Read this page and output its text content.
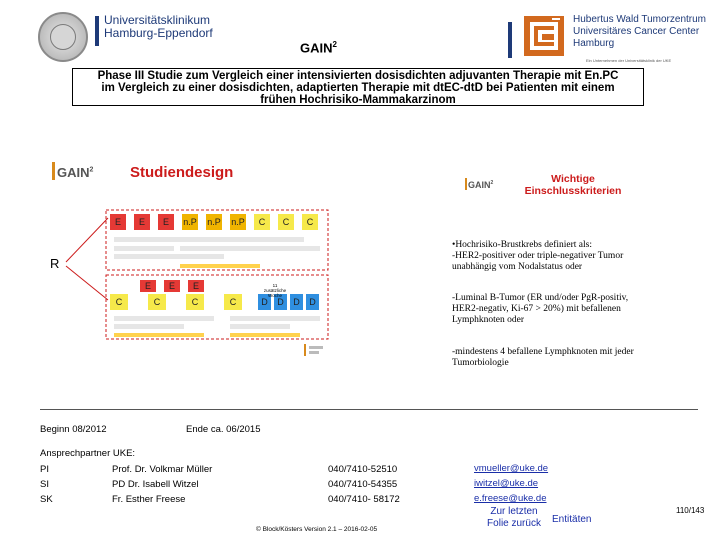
Universitätsklinikum
Hamburg-Eppendorf
GAIN$^2$
Hubertus Wald Tumorzentrum
Universitäres Cancer Center Hamburg
Ein Unternehmen der Universitätsklinik der UKE
Phase III Studie zum Vergleich einer intensivierten dosisdichten adjuvanten Therapie mit En.PC
im Vergleich zu einer dosisdichten, adaptierten Therapie mit dtEC-dtD bei Patienten mit einem
frühen Hochrisiko-Mammakarzinom
GAIN$^2$ Studiendesign
GAIN$^2$	Wichtige
Einschlusskriterien
R
E E E n.P n.P n.P C C C
E E E
C	C	C	C	D D D D
11
zusätzliche
Woche
•Hochrisiko-Brustkrebs definiert als:
-HER2-positiver oder triple-negativer Tumor
unabhängig vom Nodalstatus oder
-Luminal B-Tumor (ER und/oder PgR-positiv,
HER2-negativ, Ki-67 > 20%) mit befallenen
Lymphknoten oder
-mindestens 4 befallene Lymphknoten mit jeder
Tumorbiologie
Beginn 08/2012	Ende ca. 06/2015
Ansprechpartner UKE:
PI	Prof. Dr. Volkmar Müller	040/7410-52510	vmueller@uke.de
SI	PD Dr. Isabell Witzel	040/7410-54355	iwitzel@uke.de
SK	Fr. Esther Freese	040/7410- 58172	e.freese@uke.de
Zur letzten
Folie zurück	Entitäten
110/143
© Block/Kösters Version 2.1 – 2016-02-05
